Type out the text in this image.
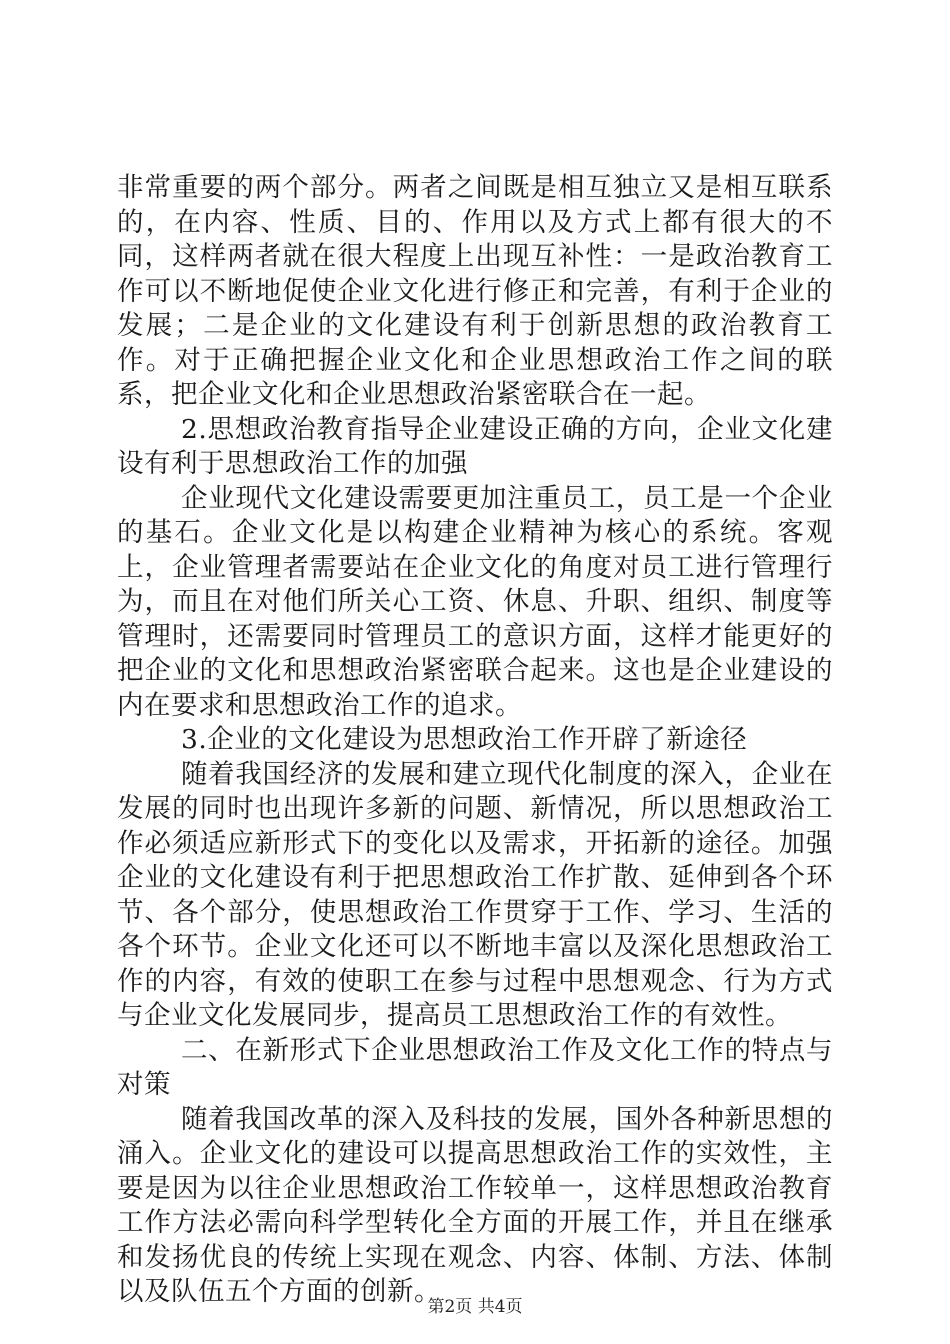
非常重要的两个部分。两者之间既是相互独立又是相互联系的，在内容、性质、目的、作用以及方式上都有很大的不同，这样两者就在很大程度上出现互补性：一是政治教育工作可以不断地促使企业文化进行修正和完善，有利于企业的发展；二是企业的文化建设有利于创新思想的政治教育工作。对于正确把握企业文化和企业思想政治工作之间的联系，把企业文化和企业思想政治紧密联合在一起。

2.思想政治教育指导企业建设正确的方向，企业文化建设有利于思想政治工作的加强

企业现代文化建设需要更加注重员工，员工是一个企业的基石。企业文化是以构建企业精神为核心的系统。客观上，企业管理者需要站在企业文化的角度对员工进行管理行为，而且在对他们所关心工资、休息、升职、组织、制度等管理时，还需要同时管理员工的意识方面，这样才能更好的把企业的文化和思想政治紧密联合起来。这也是企业建设的内在要求和思想政治工作的追求。

3.企业的文化建设为思想政治工作开辟了新途径

随着我国经济的发展和建立现代化制度的深入，企业在发展的同时也出现许多新的问题、新情况，所以思想政治工作必须适应新形式下的变化以及需求，开拓新的途径。加强企业的文化建设有利于把思想政治工作扩散、延伸到各个环节、各个部分，使思想政治工作贯穿于工作、学习、生活的各个环节。企业文化还可以不断地丰富以及深化思想政治工作的内容，有效的使职工在参与过程中思想观念、行为方式与企业文化发展同步，提高员工思想政治工作的有效性。

二、在新形式下企业思想政治工作及文化工作的特点与对策

随着我国改革的深入及科技的发展，国外各种新思想的涌入。企业文化的建设可以提高思想政治工作的实效性，主要是因为以往企业思想政治工作较单一，这样思想政治教育工作方法必需向科学型转化全方面的开展工作，并且在继承和发扬优良的传统上实现在观念、内容、体制、方法、体制以及队伍五个方面的创新。

第2页 共4页
